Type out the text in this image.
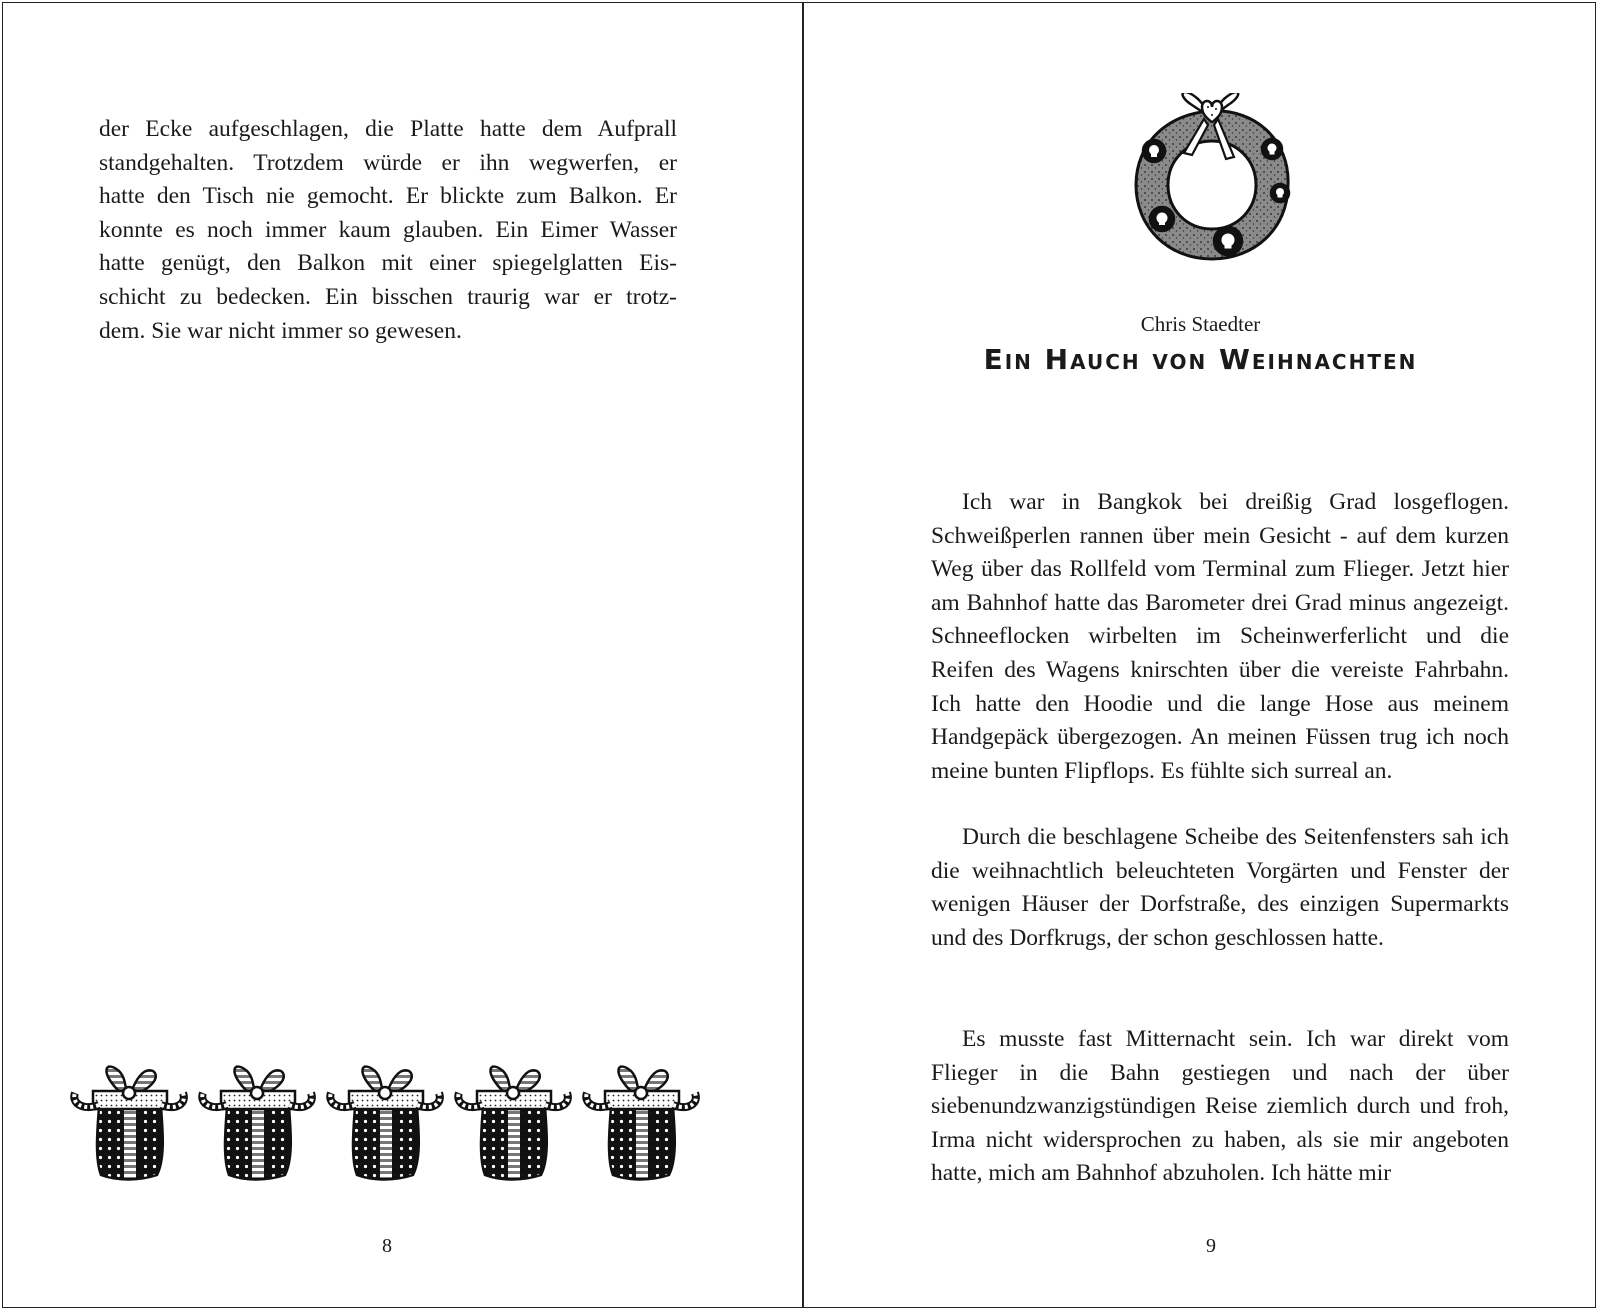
der Ecke aufgeschlagen, die Platte hatte dem Aufprall
standgehalten. Trotzdem würde er ihn wegwerfen, er
hatte den Tisch nie gemocht. Er blickte zum Balkon. Er
konnte es noch immer kaum glauben. Ein Eimer Wasser
hatte genügt, den Balkon mit einer spiegelglatten Eis-
schicht zu bedecken. Ein bisschen traurig war er trotz-
dem. Sie war nicht immer so gewesen.

8
Chris Staedter
Ein Hauch von Weihnachten

Ich war in Bangkok bei dreißig Grad losgeflogen. Schweißperlen rannen über mein Gesicht - auf dem kurzen Weg über das Rollfeld vom Terminal zum Flieger. Jetzt hier am Bahnhof hatte das Barometer drei Grad minus angezeigt. Schneeflocken wirbelten im Scheinwerferlicht und die Reifen des Wagens knirschten über die vereiste Fahrbahn. Ich hatte den Hoodie und die lange Hose aus meinem Handgepäck übergezogen. An meinen Füssen trug ich noch meine bunten Flipflops. Es fühlte sich surreal an.

Durch die beschlagene Scheibe des Seitenfensters sah ich die weihnachtlich beleuchteten Vorgärten und Fenster der wenigen Häuser der Dorfstraße, des einzigen Supermarkts und des Dorfkrugs, der schon geschlossen hatte.

Es musste fast Mitternacht sein. Ich war direkt vom Flieger in die Bahn gestiegen und nach der über siebenundzwanzigstündigen Reise ziemlich durch und froh, Irma nicht widersprochen zu haben, als sie mir angeboten hatte, mich am Bahnhof abzuholen. Ich hätte mir

9
